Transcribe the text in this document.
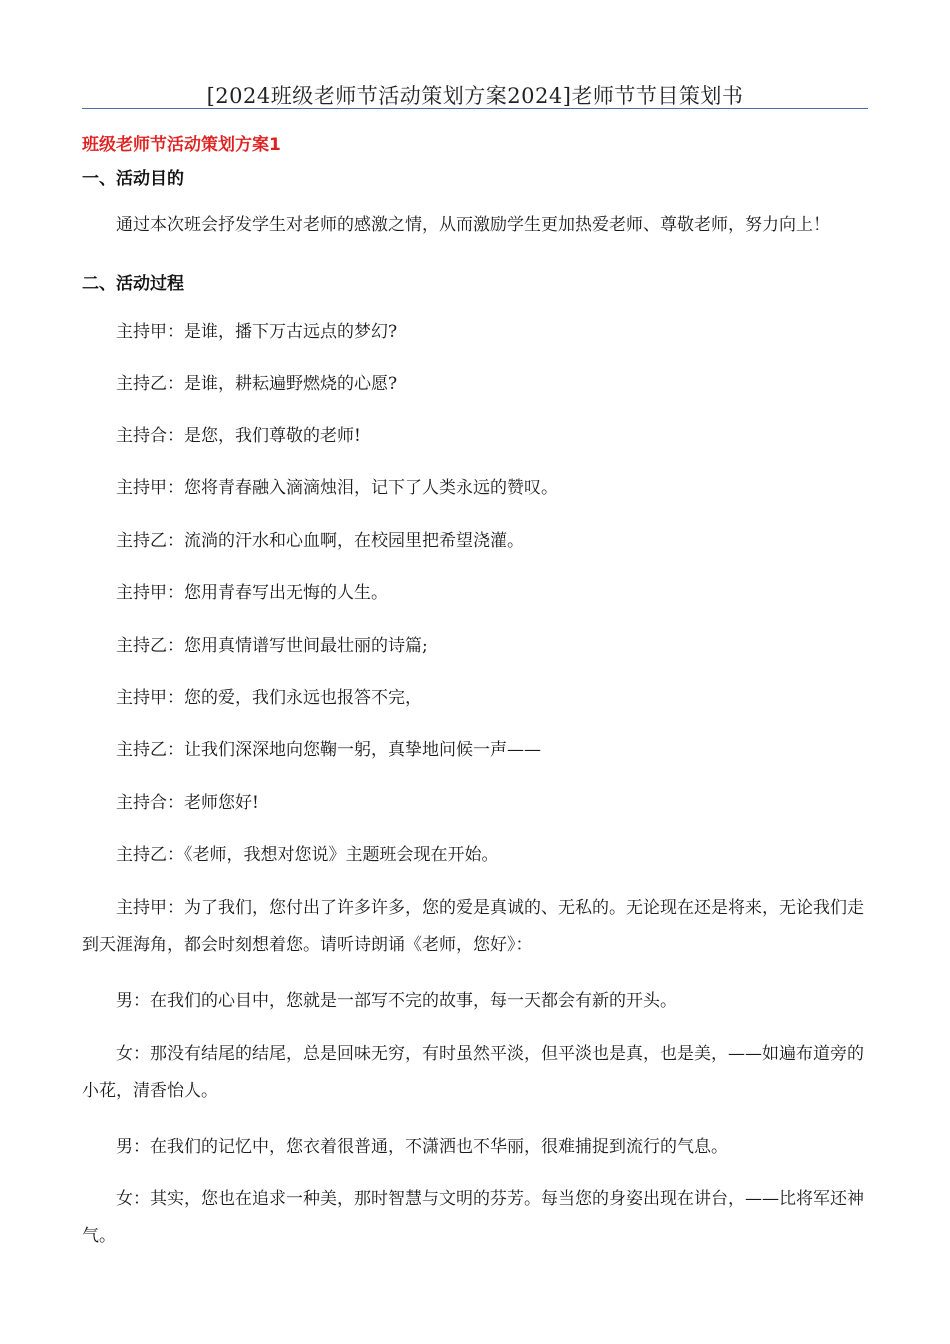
[2024班级老师节活动策划方案2024]老师节节目策划书
班级老师节活动策划方案1
一、活动目的
通过本次班会抒发学生对老师的感激之情，从而激励学生更加热爱老师、尊敬老师，努力向上！
二、活动过程
主持甲：是谁，播下万古远点的梦幻?
主持乙：是谁，耕耘遍野燃烧的心愿?
主持合：是您，我们尊敬的老师!
主持甲：您将青春融入滴滴烛泪，记下了人类永远的赞叹。
主持乙：流淌的汗水和心血啊，在校园里把希望浇灌。
主持甲：您用青春写出无悔的人生。
主持乙：您用真情谱写世间最壮丽的诗篇;
主持甲：您的爱，我们永远也报答不完，
主持乙：让我们深深地向您鞠一躬，真挚地问候一声——
主持合：老师您好!
主持乙：《老师，我想对您说》主题班会现在开始。
主持甲：为了我们，您付出了许多许多，您的爱是真诚的、无私的。无论现在还是将来，无论我们走到天涯海角，都会时刻想着您。请听诗朗诵《老师，您好》：
男：在我们的心目中，您就是一部写不完的故事，每一天都会有新的开头。
女：那没有结尾的结尾，总是回味无穷，有时虽然平淡，但平淡也是真，也是美，——如遍布道旁的小花，清香怡人。
男：在我们的记忆中，您衣着很普通，不潇洒也不华丽，很难捕捉到流行的气息。
女：其实，您也在追求一种美，那时智慧与文明的芬芳。每当您的身姿出现在讲台，——比将军还神气。
